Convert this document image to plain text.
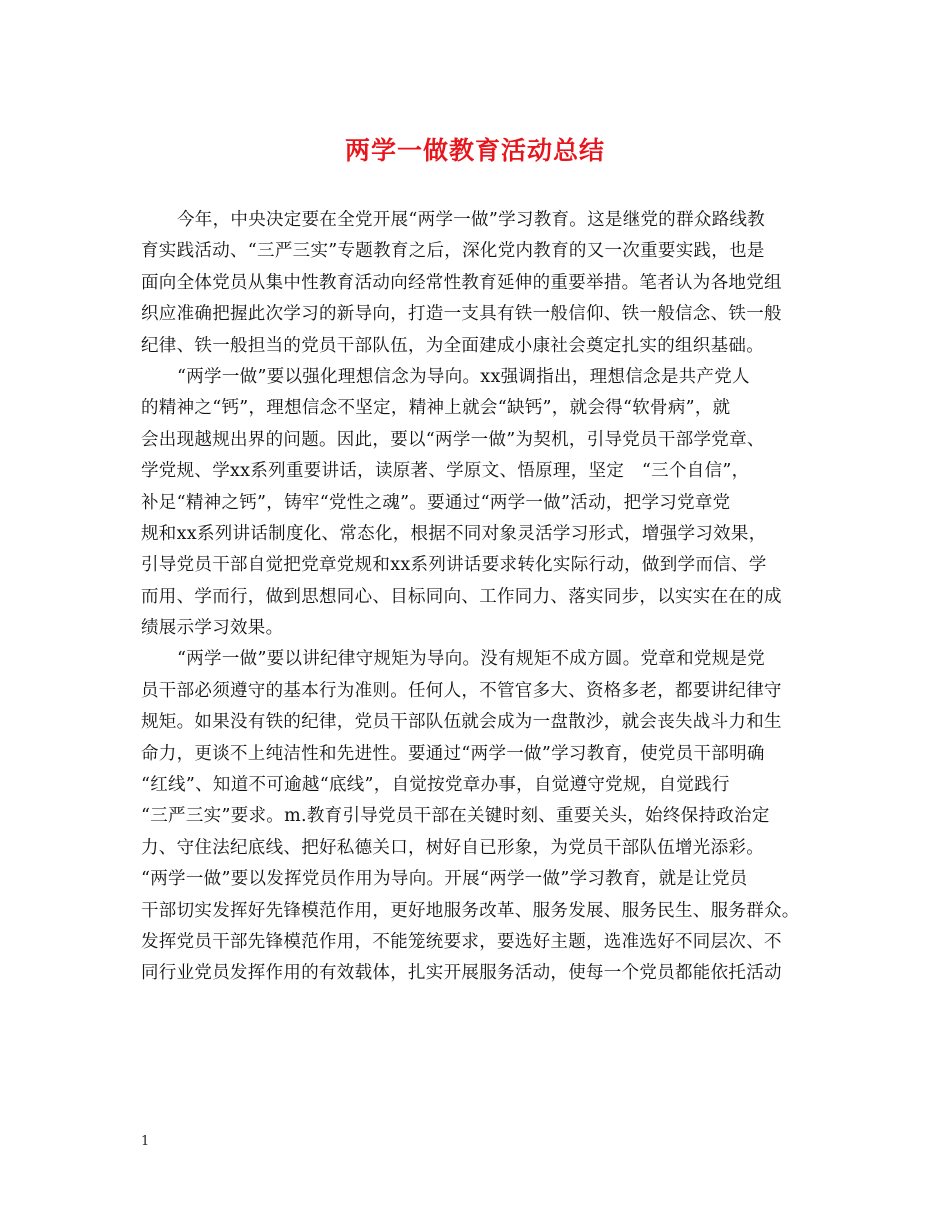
两学一做教育活动总结
今年，中央决定要在全党开展“两学一做”学习教育。这是继党的群众路线教
育实践活动、“三严三实”专题教育之后，深化党内教育的又一次重要实践，也是
面向全体党员从集中性教育活动向经常性教育延伸的重要举措。笔者认为各地党组
织应准确把握此次学习的新导向，打造一支具有铁一般信仰、铁一般信念、铁一般
纪律、铁一般担当的党员干部队伍，为全面建成小康社会奠定扎实的组织基础。
“两学一做”要以强化理想信念为导向。xx强调指出，理想信念是共产党人
的精神之“钙”，理想信念不坚定，精神上就会“缺钙”，就会得“软骨病”，就
会出现越规出界的问题。因此，要以“两学一做”为契机，引导党员干部学党章、
学党规、学xx系列重要讲话，读原著、学原文、悟原理，坚定　“三个自信”，
补足“精神之钙”，铸牢“党性之魂”。要通过“两学一做”活动，把学习党章党
规和xx系列讲话制度化、常态化，根据不同对象灵活学习形式，增强学习效果，
引导党员干部自觉把党章党规和xx系列讲话要求转化实际行动，做到学而信、学
而用、学而行，做到思想同心、目标同向、工作同力、落实同步，以实实在在的成
绩展示学习效果。
“两学一做”要以讲纪律守规矩为导向。没有规矩不成方圆。党章和党规是党
员干部必须遵守的基本行为准则。任何人，不管官多大、资格多老，都要讲纪律守
规矩。如果没有铁的纪律，党员干部队伍就会成为一盘散沙，就会丧失战斗力和生
命力，更谈不上纯洁性和先进性。要通过“两学一做”学习教育，使党员干部明确
“红线”、知道不可逾越“底线”，自觉按党章办事，自觉遵守党规，自觉践行
“三严三实”要求。m.教育引导党员干部在关键时刻、重要关头，始终保持政治定
力、守住法纪底线、把好私德关口，树好自已形象，为党员干部队伍增光添彩。
“两学一做”要以发挥党员作用为导向。开展“两学一做”学习教育，就是让党员
干部切实发挥好先锋模范作用，更好地服务改革、服务发展、服务民生、服务群众。
发挥党员干部先锋模范作用，不能笼统要求，要选好主题，选准选好不同层次、不
同行业党员发挥作用的有效载体，扎实开展服务活动，使每一个党员都能依托活动
1
